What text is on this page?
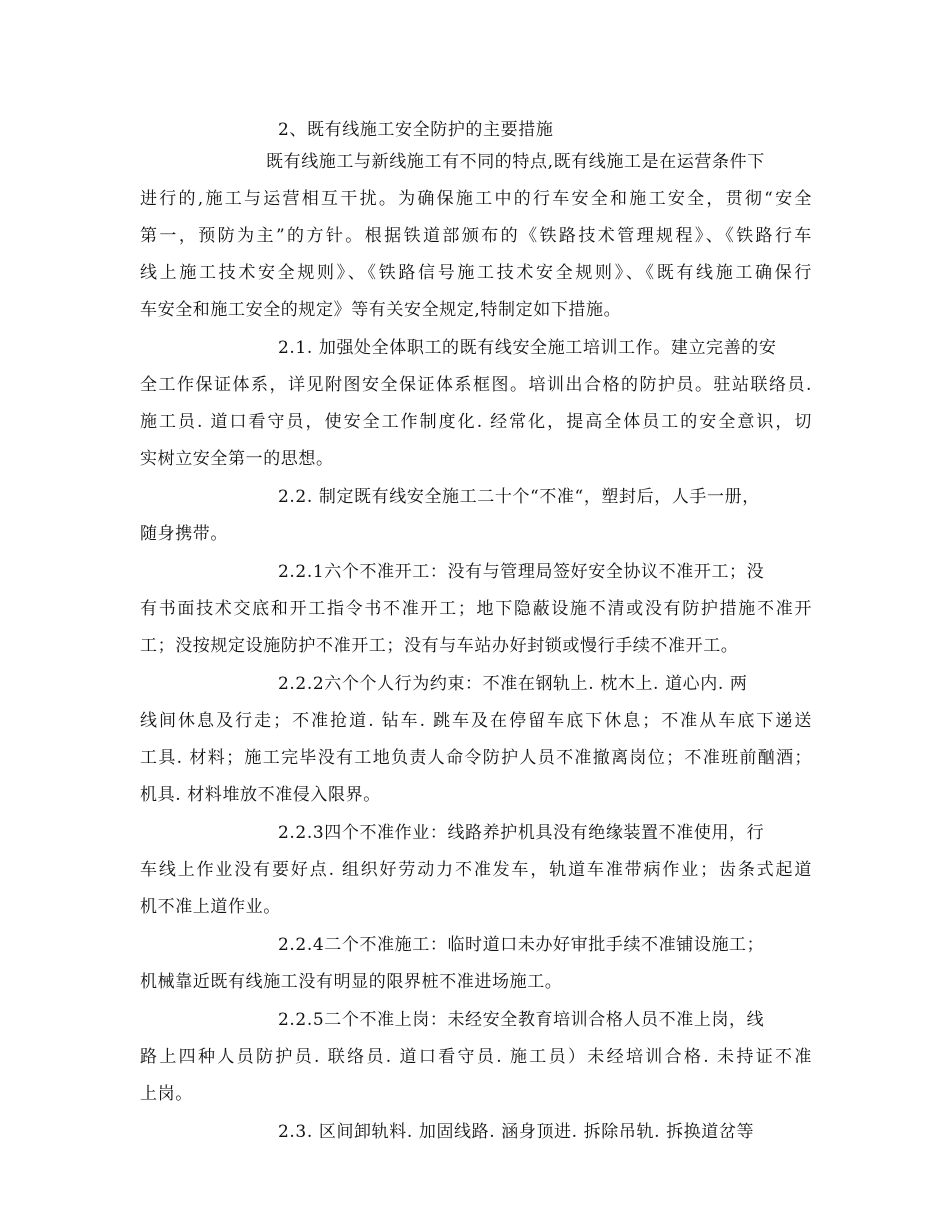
2、既有线施工安全防护的主要措施
既有线施工与新线施工有不同的特点,既有线施工是在运营条件下
进行的,施工与运营相互干扰。为确保施工中的行车安全和施工安全，贯彻“安全
第一，预防为主”的方针。根据铁道部颁布的《铁路技术管理规程》、《铁路行车
线上施工技术安全规则》、《铁路信号施工技术安全规则》、《既有线施工确保行
车安全和施工安全的规定》等有关安全规定,特制定如下措施。
2.1. 加强处全体职工的既有线安全施工培训工作。建立完善的安
全工作保证体系，详见附图安全保证体系框图。培训出合格的防护员。驻站联络员.
施工员. 道口看守员，使安全工作制度化. 经常化，提高全体员工的安全意识，切
实树立安全第一的思想。
2.2. 制定既有线安全施工二十个“不准“，塑封后，人手一册，
随身携带。
2.2.1六个不准开工：没有与管理局签好安全协议不准开工；没
有书面技术交底和开工指令书不准开工；地下隐蔽设施不清或没有防护措施不准开
工；没按规定设施防护不准开工；没有与车站办好封锁或慢行手续不准开工。
2.2.2六个个人行为约束：不准在钢轨上. 枕木上. 道心内. 两
线间休息及行走；不准抢道. 钻车. 跳车及在停留车底下休息；不准从车底下递送
工具. 材料；施工完毕没有工地负责人命令防护人员不准撤离岗位；不准班前酗酒；
机具. 材料堆放不准侵入限界。
2.2.3四个不准作业：线路养护机具没有绝缘装置不准使用，行
车线上作业没有要好点. 组织好劳动力不准发车，轨道车准带病作业；齿条式起道
机不准上道作业。
2.2.4二个不准施工：临时道口未办好审批手续不准铺设施工；
机械靠近既有线施工没有明显的限界桩不准进场施工。
2.2.5二个不准上岗：未经安全教育培训合格人员不准上岗，线
路上四种人员防护员. 联络员. 道口看守员. 施工员）未经培训合格. 未持证不准
上岗。
2.3. 区间卸轨料. 加固线路. 涵身顶进. 拆除吊轨. 拆换道岔等
